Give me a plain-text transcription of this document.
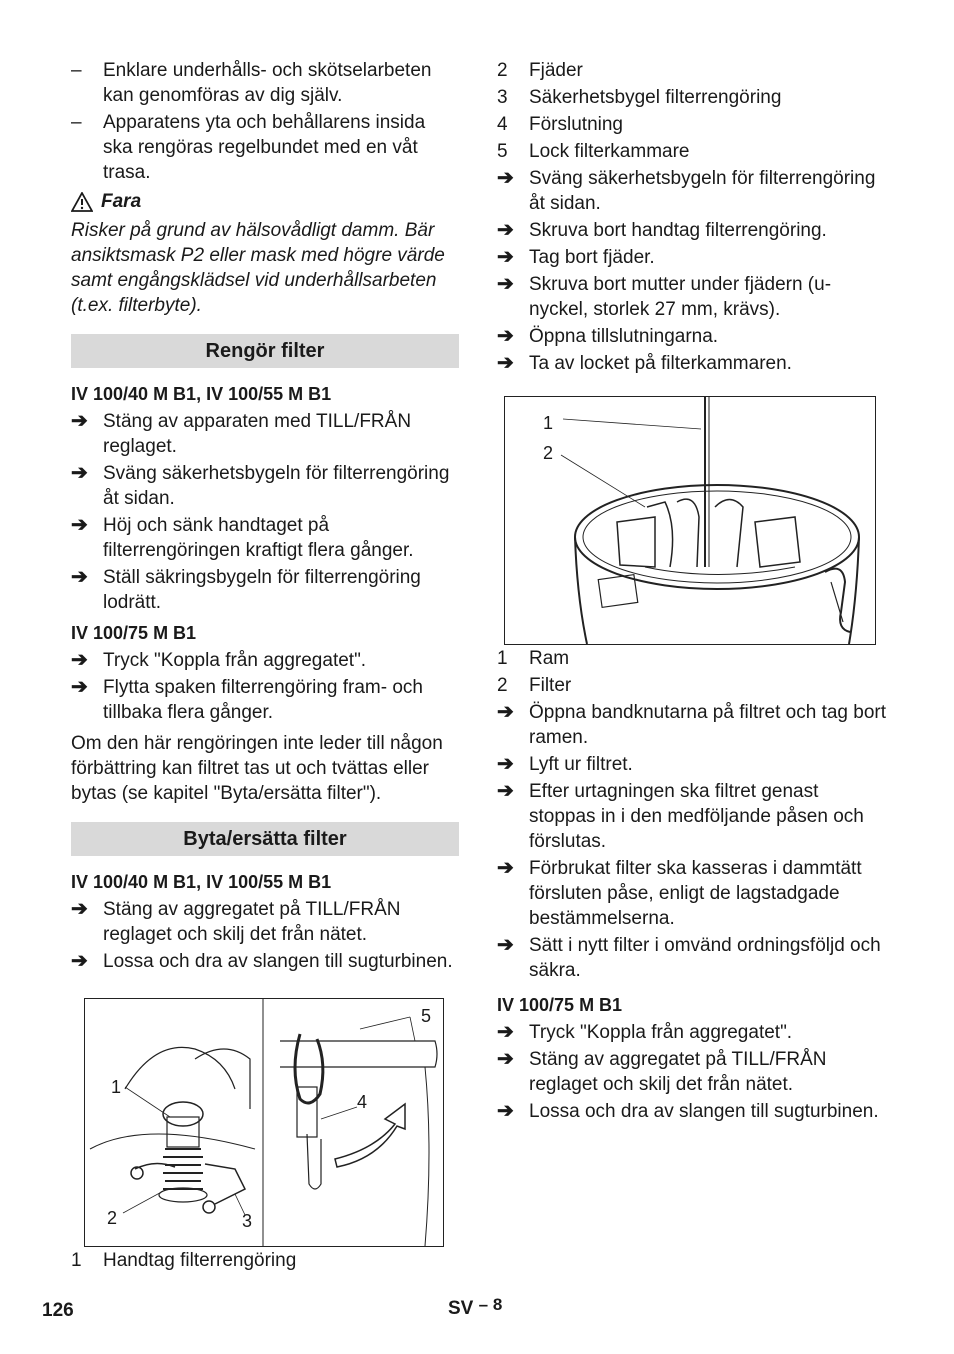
–	Enklare underhålls- och skötselarbeten kan genomföras av dig själv.
–	Apparatens yta och behållarens insida ska rengöras regelbundet med en våt trasa.
Fara
Risker på grund av hälsovådligt damm. Bär ansiktsmask P2 eller mask med högre värde samt engångsklädsel vid underhållsarbeten (t.ex. filterbyte).
Rengör filter
IV 100/40 M B1, IV 100/55 M B1
➔ Stäng av apparaten med TILL/FRÅN reglaget.
➔ Sväng säkerhetsbygeln för filterrengöring åt sidan.
➔ Höj och sänk handtaget på filterrengöringen kraftigt flera gånger.
➔ Ställ säkringsbygeln för filterrengöring lodrätt.
IV 100/75 M B1
➔ Tryck "Koppla från aggregatet".
➔ Flytta spaken filterrengöring fram- och tillbaka flera gånger.
Om den här rengöringen inte leder till någon förbättring kan filtret tas ut och tvättas eller bytas (se kapitel "Byta/ersätta filter").
Byta/ersätta filter
IV 100/40 M B1, IV 100/55 M B1
➔ Stäng av aggregatet på TILL/FRÅN reglaget och skilj det från nätet.
➔ Lossa och dra av slangen till sugturbinen.
1
2	3
4
5
1 Handtag filterrengöring
2 Fjäder
3 Säkerhetsbygel filterrengöring
4 Förslutning
5 Lock filterkammare
➔ Sväng säkerhetsbygeln för filterrengöring åt sidan.
➔ Skruva bort handtag filterrengöring.
➔ Tag bort fjäder.
➔ Skruva bort mutter under fjädern (u-nyckel, storlek 27 mm, krävs).
➔ Öppna tillslutningarna.
➔ Ta av locket på filterkammaren.
1
2
1 Ram
2 Filter
➔ Öppna bandknutarna på filtret och tag bort ramen.
➔ Lyft ur filtret.
➔ Efter urtagningen ska filtret genast stoppas in i den medföljande påsen och förslutas.
➔ Förbrukat filter ska kasseras i dammtätt försluten påse, enligt de lagstadgade bestämmelserna.
➔ Sätt i nytt filter i omvänd ordningsföljd och säkra.
IV 100/75 M B1
➔ Tryck "Koppla från aggregatet".
➔ Stäng av aggregatet på TILL/FRÅN reglaget och skilj det från nätet.
➔ Lossa och dra av slangen till sugturbinen.
126	SV – 8
